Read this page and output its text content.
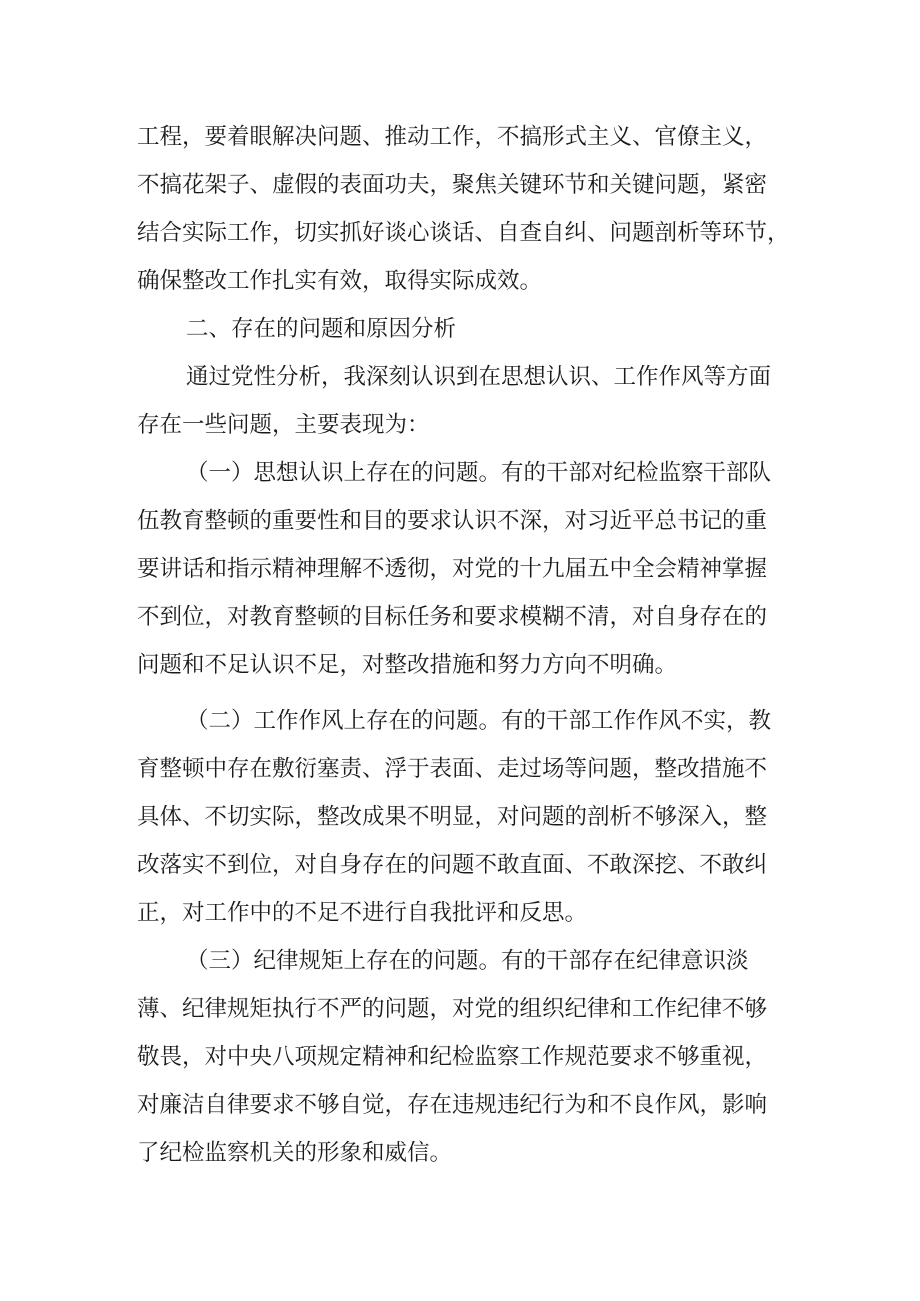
工程，要着眼解决问题、推动工作，不搞形式主义、官僚主义，
不搞花架子、虚假的表面功夫，聚焦关键环节和关键问题，紧密
结合实际工作，切实抓好谈心谈话、自查自纠、问题剖析等环节，
确保整改工作扎实有效，取得实际成效。
二、存在的问题和原因分析
通过党性分析，我深刻认识到在思想认识、工作作风等方面
存在一些问题，主要表现为：
（一）思想认识上存在的问题。有的干部对纪检监察干部队
伍教育整顿的重要性和目的要求认识不深，对习近平总书记的重
要讲话和指示精神理解不透彻，对党的十九届五中全会精神掌握
不到位，对教育整顿的目标任务和要求模糊不清，对自身存在的
问题和不足认识不足，对整改措施和努力方向不明确。
（二）工作作风上存在的问题。有的干部工作作风不实，教
育整顿中存在敷衍塞责、浮于表面、走过场等问题，整改措施不
具体、不切实际，整改成果不明显，对问题的剖析不够深入，整
改落实不到位，对自身存在的问题不敢直面、不敢深挖、不敢纠
正，对工作中的不足不进行自我批评和反思。
（三）纪律规矩上存在的问题。有的干部存在纪律意识淡
薄、纪律规矩执行不严的问题，对党的组织纪律和工作纪律不够
敬畏，对中央八项规定精神和纪检监察工作规范要求不够重视，
对廉洁自律要求不够自觉，存在违规违纪行为和不良作风，影响
了纪检监察机关的形象和威信。
